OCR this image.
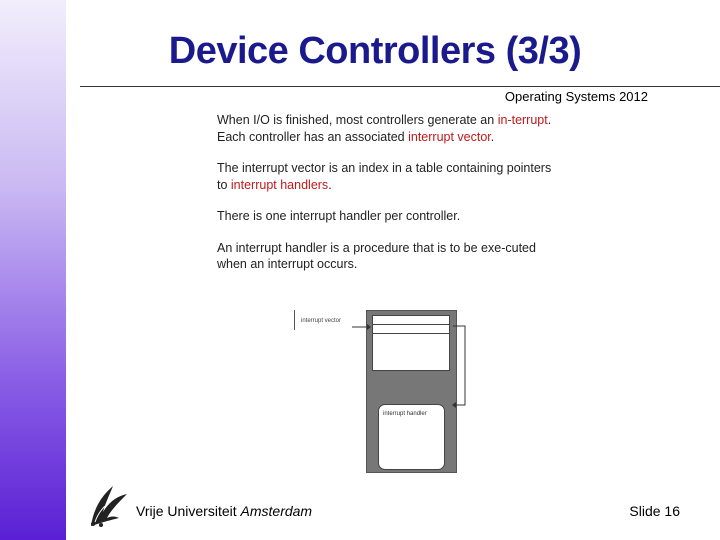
Device Controllers (3/3)
Operating Systems 2012

When I/O is finished, most controllers generate an in-terrupt. Each controller has an associated interrupt vector.

The interrupt vector is an index in a table containing pointers to interrupt handlers.

There is one interrupt handler per controller.

An interrupt handler is a procedure that is to be exe-cuted when an interrupt occurs.

interrupt vector
interrupt handler
Vrije Universiteit Amsterdam	Slide 16
